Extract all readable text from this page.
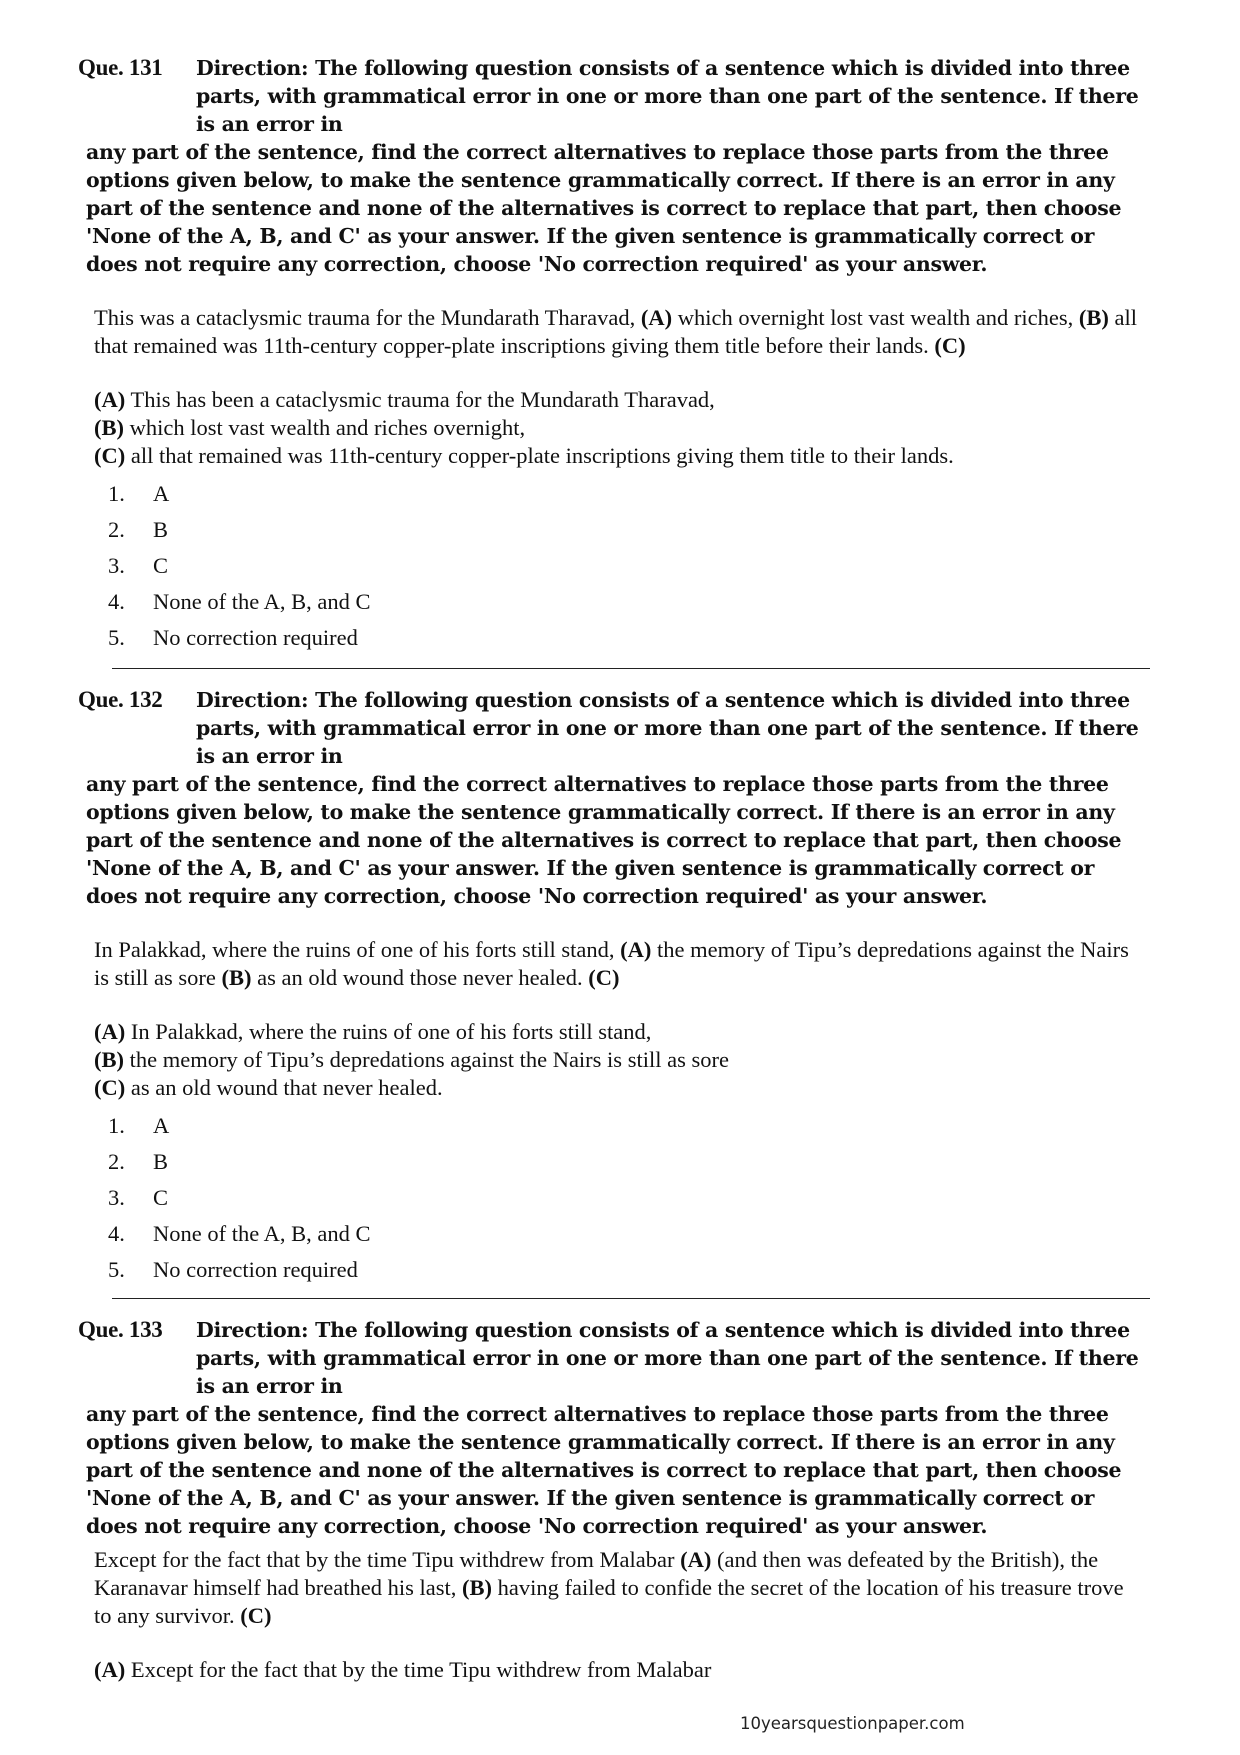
Que. 131	Direction: The following question consists of a sentence which is divided into three parts, with grammatical error in one or more than one part of the sentence. If there is an error in
any part of the sentence, find the correct alternatives to replace those parts from the three options given below, to make the sentence grammatically correct. If there is an error in any part of the sentence and none of the alternatives is correct to replace that part, then choose 'None of the A, B, and C' as your answer. If the given sentence is grammatically correct or does not require any correction, choose 'No correction required' as your answer.

This was a cataclysmic trauma for the Mundarath Tharavad, (A) which overnight lost vast wealth and riches, (B) all that remained was 11th-century copper-plate inscriptions giving them title before their lands. (C)

(A) This has been a cataclysmic trauma for the Mundarath Tharavad,
(B) which lost vast wealth and riches overnight,
(C) all that remained was 11th-century copper-plate inscriptions giving them title to their lands.
1.	A
2.	B
3.	C
4.	None of the A, B, and C
5.	No correction required
Que. 132	Direction: The following question consists of a sentence which is divided into three parts, with grammatical error in one or more than one part of the sentence. If there is an error in
any part of the sentence, find the correct alternatives to replace those parts from the three options given below, to make the sentence grammatically correct. If there is an error in any part of the sentence and none of the alternatives is correct to replace that part, then choose 'None of the A, B, and C' as your answer. If the given sentence is grammatically correct or does not require any correction, choose 'No correction required' as your answer.

In Palakkad, where the ruins of one of his forts still stand, (A) the memory of Tipu’s depredations against the Nairs is still as sore (B) as an old wound those never healed. (C)

(A) In Palakkad, where the ruins of one of his forts still stand,
(B) the memory of Tipu’s depredations against the Nairs is still as sore
(C) as an old wound that never healed.
1.	A
2.	B
3.	C
4.	None of the A, B, and C
5.	No correction required
Que. 133	Direction: The following question consists of a sentence which is divided into three parts, with grammatical error in one or more than one part of the sentence. If there is an error in
any part of the sentence, find the correct alternatives to replace those parts from the three options given below, to make the sentence grammatically correct. If there is an error in any part of the sentence and none of the alternatives is correct to replace that part, then choose 'None of the A, B, and C' as your answer. If the given sentence is grammatically correct or does not require any correction, choose 'No correction required' as your answer.

Except for the fact that by the time Tipu withdrew from Malabar (A) (and then was defeated by the British), the Karanavar himself had breathed his last, (B) having failed to confide the secret of the location of his treasure trove to any survivor. (C)

(A) Except for the fact that by the time Tipu withdrew from Malabar
10yearsquestionpaper.com
